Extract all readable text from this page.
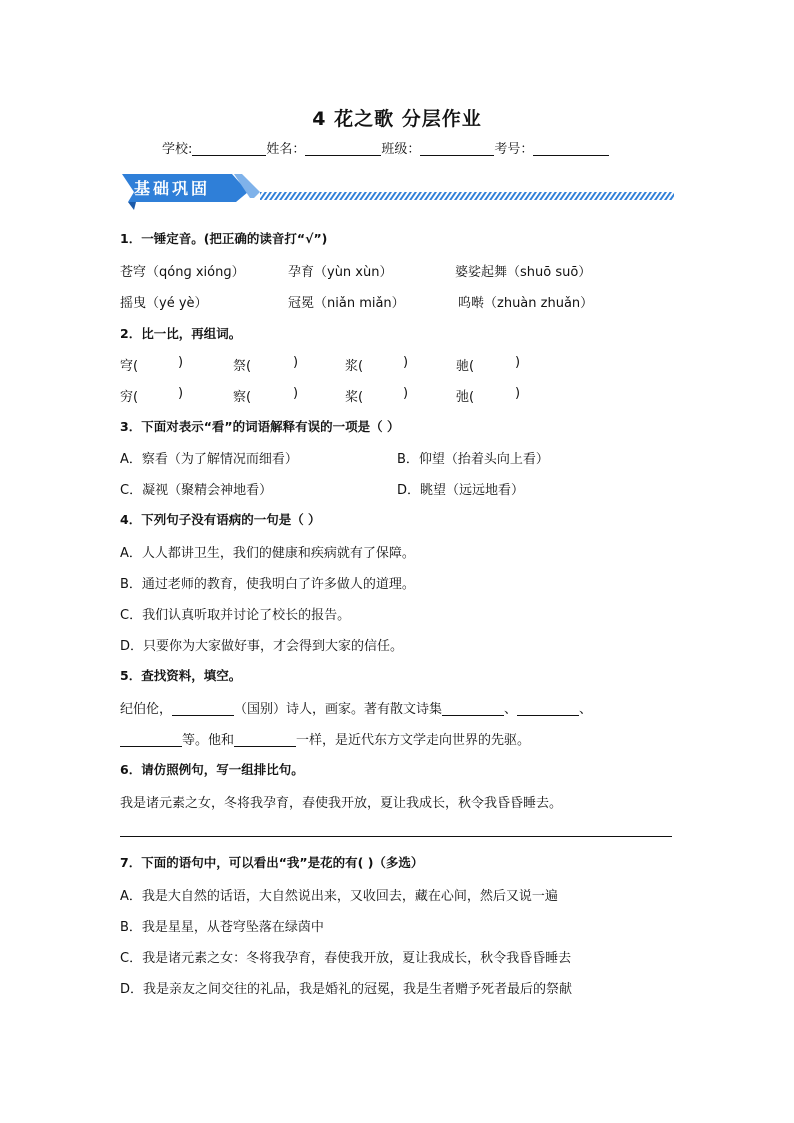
4 花之歌 分层作业
学校:	姓名：	班级：	考号：
基础巩固
1．一锤定音。(把正确的读音打“√”)
苍穹（qónɡ xiónɡ）	孕育（yùn xùn）	婆娑起舞（shuō suō）
摇曳（yé yè）	冠冕（niǎn miǎn）	呜啭（zhuàn zhuǎn）
2．比一比，再组词。
穹(	)	祭(	)	浆(	)	驰(	)
穷(	)	察(	)	桨(	)	弛(	)
3．下面对表示“看”的词语解释有误的一项是（ ）
A．察看（为了解情况而细看）	B．仰望（抬着头向上看）
C．凝视（聚精会神地看）	D．眺望（远远地看）
4．下列句子没有语病的一句是（ ）
A．人人都讲卫生，我们的健康和疾病就有了保障。
B．通过老师的教育，使我明白了许多做人的道理。
C．我们认真听取并讨论了校长的报告。
D．只要你为大家做好事，才会得到大家的信任。
5．查找资料，填空。
纪伯伦，	（国别）诗人，画家。著有散文诗集	、	、
等。他和	一样，是近代东方文学走向世界的先驱。
6．请仿照例句，写一组排比句。
我是诸元素之女，冬将我孕育，春使我开放，夏让我成长，秋令我昏昏睡去。
7．下面的语句中，可以看出“我”是花的有( )（多选）
A．我是大自然的话语，大自然说出来，又收回去，藏在心间，然后又说一遍
B．我是星星，从苍穹坠落在绿茵中
C．我是诸元素之女：冬将我孕育，春使我开放，夏让我成长，秋令我昏昏睡去
D．我是亲友之间交往的礼品，我是婚礼的冠冕，我是生者赠予死者最后的祭献
